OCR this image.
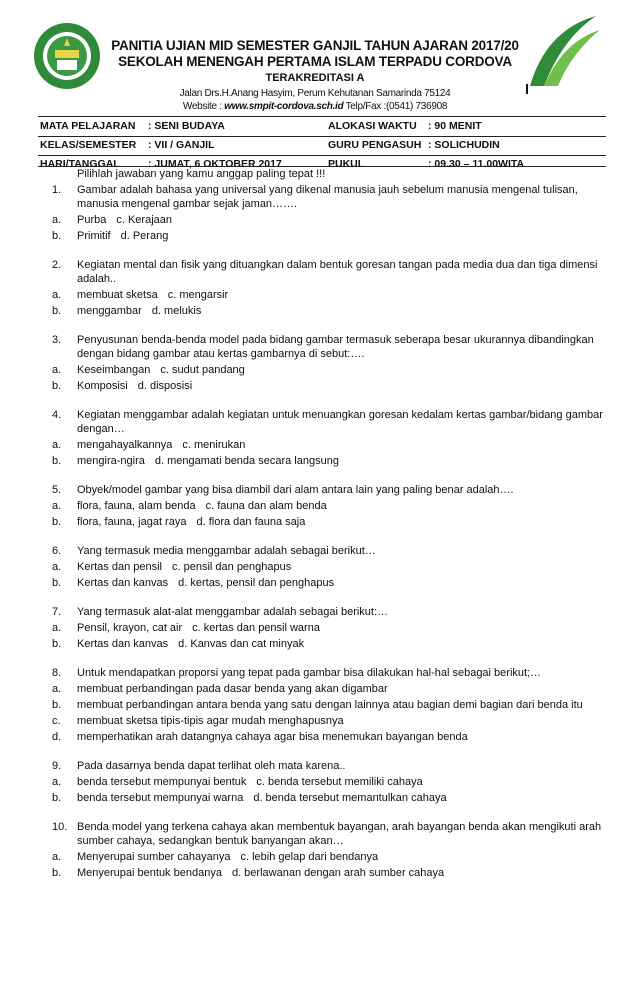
PANITIA UJIAN MID SEMESTER GANJIL TAHUN AJARAN 2017/20
SEKOLAH MENENGAH PERTAMA ISLAM TERPADU CORDOVA
TERAKREDITASI A
Jalan Drs.H.Anang Hasyim, Perum Kehutanan Samarinda 75124
Website : www.smpit-cordova.sch.id Telp/Fax :(0541) 736908
MATA PELAJARAN : SENI BUDAYA	ALOKASI WAKTU : 90 MENIT
KELAS/SEMESTER : VII / GANJIL	GURU PENGASUH : SOLICHUDIN
HARI/TANGGAL	: JUMAT, 6 OKTOBER 2017	PUKUL	: 09.30 – 11.00WITA
Pilihlah jawaban yang kamu anggap paling tepat !!!
1.	Gambar adalah bahasa yang universal yang dikenal manusia jauh sebelum manusia mengenal tulisan, manusia mengenal gambar sejak jaman…….
a.	Purba c. Kerajaan
b.	Primitif d. Perang
2.	Kegiatan mental dan fisik yang dituangkan dalam bentuk goresan tangan pada media dua dan tiga dimensi adalah..
a.	membuat sketsa c. mengarsir
b.	menggambar d. melukis
3.	Penyusunan benda-benda model pada bidang gambar termasuk seberapa besar ukurannya dibandingkan dengan bidang gambar atau kertas gambarnya di sebut:….
a.	Keseimbangan c. sudut pandang
b.	Komposisi d. disposisi
4.	Kegiatan menggambar adalah kegiatan untuk menuangkan goresan kedalam kertas gambar/bidang gambar dengan…
a.	mengahayalkannya c. menirukan
b.	mengira-ngira d. mengamati benda secara langsung
5.	Obyek/model gambar yang bisa diambil dari alam antara lain yang paling benar adalah….
a.	flora, fauna, alam benda c. fauna dan alam benda
b.	flora, fauna, jagat raya d. flora dan fauna saja
6.	Yang termasuk media menggambar adalah sebagai berikut…
a.	Kertas dan pensil c. pensil dan penghapus
b.	Kertas dan kanvas d. kertas, pensil dan penghapus
7.	Yang termasuk alat-alat menggambar adalah sebagai berikut:…
a.	Pensil, krayon, cat air c. kertas dan pensil warna
b.	Kertas dan kanvas d. Kanvas dan cat minyak
8.	Untuk mendapatkan proporsi yang tepat pada gambar bisa dilakukan hal-hal sebagai berikut;…
a.	membuat perbandingan pada dasar benda yang akan digambar
b.	membuat perbandingan antara benda yang satu dengan lainnya atau bagian demi bagian dari benda itu
c.	membuat sketsa tipis-tipis agar mudah menghapusnya
d.	memperhatikan arah datangnya cahaya agar bisa menemukan bayangan benda
9.	Pada dasarnya benda dapat terlihat oleh mata karena..
a.	benda tersebut mempunyai bentuk c. benda tersebut memiliki cahaya
b.	benda tersebut mempunyai warna d. benda tersebut memantulkan cahaya
10. Benda model yang terkena cahaya akan membentuk bayangan, arah bayangan benda akan mengikuti arah sumber cahaya, sedangkan bentuk banyangan akan…
a.	Menyerupai sumber cahayanya c. lebih gelap dari bendanya
b.	Menyerupai bentuk bendanya d. berlawanan dengan arah sumber cahaya
